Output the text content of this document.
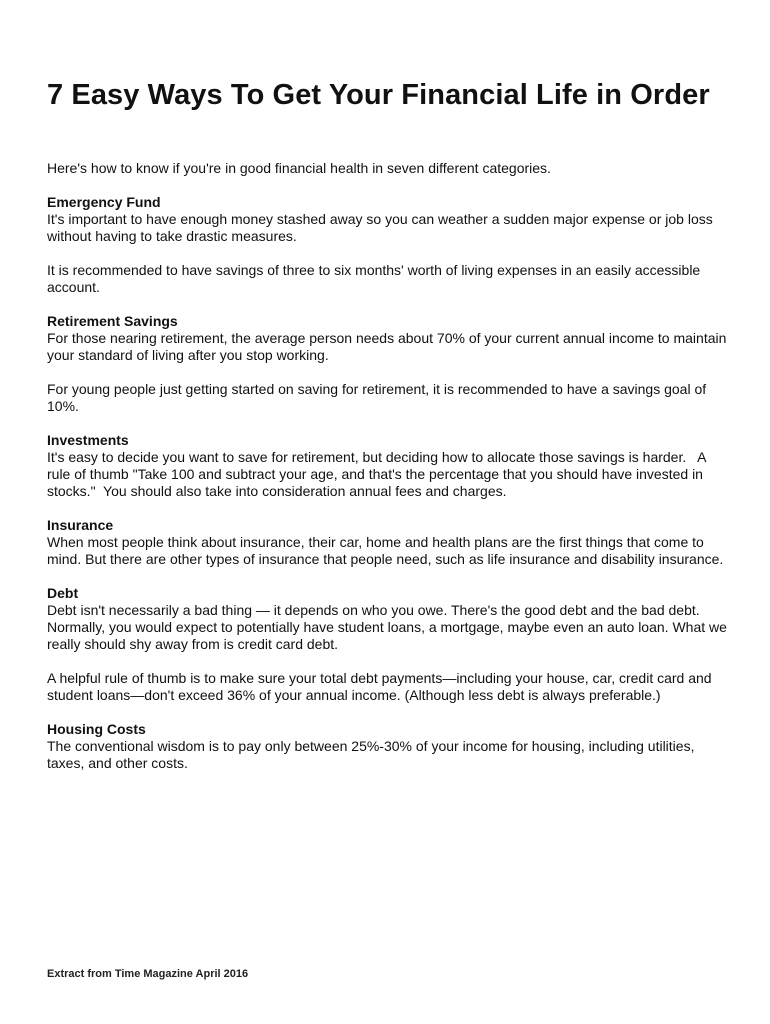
7 Easy Ways To Get Your Financial Life in Order

Here's how to know if you're in good financial health in seven different categories.

Emergency Fund

It's important to have enough money stashed away so you can weather a sudden major expense or job loss without having to take drastic measures.

It is recommended to have savings of three to six months' worth of living expenses in an easily accessible account.

Retirement Savings

For those nearing retirement, the average person needs about 70% of your current annual income to maintain your standard of living after you stop working.

For young people just getting started on saving for retirement, it is recommended to have a savings goal of 10%.

Investments

It's easy to decide you want to save for retirement, but deciding how to allocate those savings is harder.   A rule of thumb "Take 100 and subtract your age, and that's the percentage that you should have invested in stocks."  You should also take into consideration annual fees and charges.

Insurance

When most people think about insurance, their car, home and health plans are the first things that come to mind. But there are other types of insurance that people need, such as life insurance and disability insurance.

Debt

Debt isn't necessarily a bad thing — it depends on who you owe. There's the good debt and the bad debt. Normally, you would expect to potentially have student loans, a mortgage, maybe even an auto loan. What we really should shy away from is credit card debt.

A helpful rule of thumb is to make sure your total debt payments—including your house, car, credit card and student loans—don't exceed 36% of your annual income. (Although less debt is always preferable.)

Housing Costs

The conventional wisdom is to pay only between 25%-30% of your income for housing, including utilities, taxes, and other costs.

Extract from Time Magazine April 2016
